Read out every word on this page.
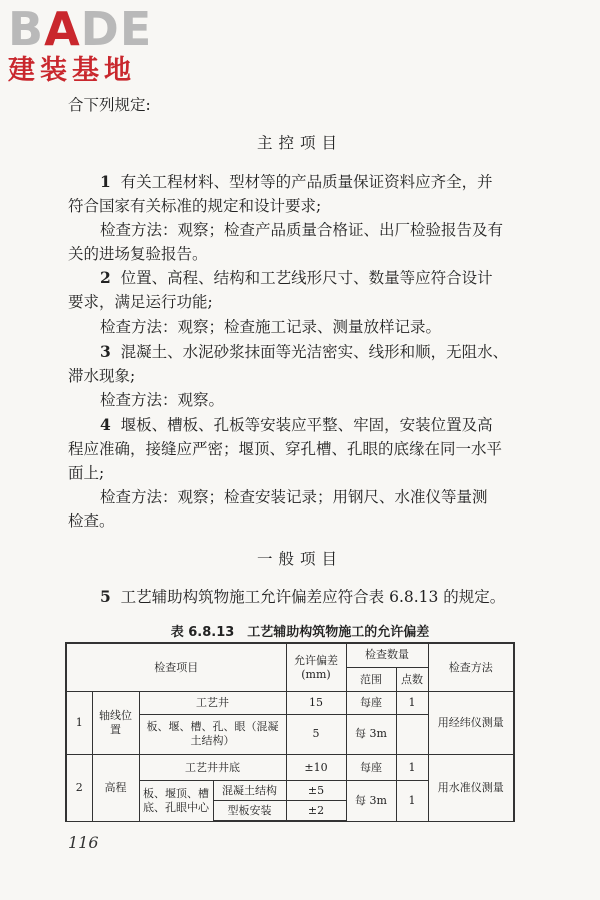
BADE
建装基地
合下列规定:
主控项目
1 有关工程材料、型材等的产品质量保证资料应齐全，并
符合国家有关标准的规定和设计要求;
检查方法：观察；检查产品质量合格证、出厂检验报告及有
关的进场复验报告。
2 位置、高程、结构和工艺线形尺寸、数量等应符合设计
要求，满足运行功能;
检查方法：观察；检查施工记录、测量放样记录。
3 混凝土、水泥砂浆抹面等光洁密实、线形和顺，无阻水、
滞水现象;
检查方法：观察。
4 堰板、槽板、孔板等安装应平整、牢固，安装位置及高
程应准确，接缝应严密；堰顶、穿孔槽、孔眼的底缘在同一水平
面上;
检查方法：观察；检查安装记录；用钢尺、水准仪等量测
检查。
一般项目
5 工艺辅助构筑物施工允许偏差应符合表 6.8.13 的规定。
表 6.8.13　工艺辅助构筑物施工的允许偏差
检查项目				允许偏差 (mm)	检查数量		检查方法
					范围	点数	
1	轴线位置	工艺井		15	每座	1	用经纬仪测量
		板、堰、槽、孔、眼（混凝土结构）		5	每 3m		
2	高程	工艺井井底		±10	每座	1	用水准仪测量
		板、堰顶、槽底、孔眼中心	混凝土结构	±5	每 3m	1	
			型板安装	±2			
116
